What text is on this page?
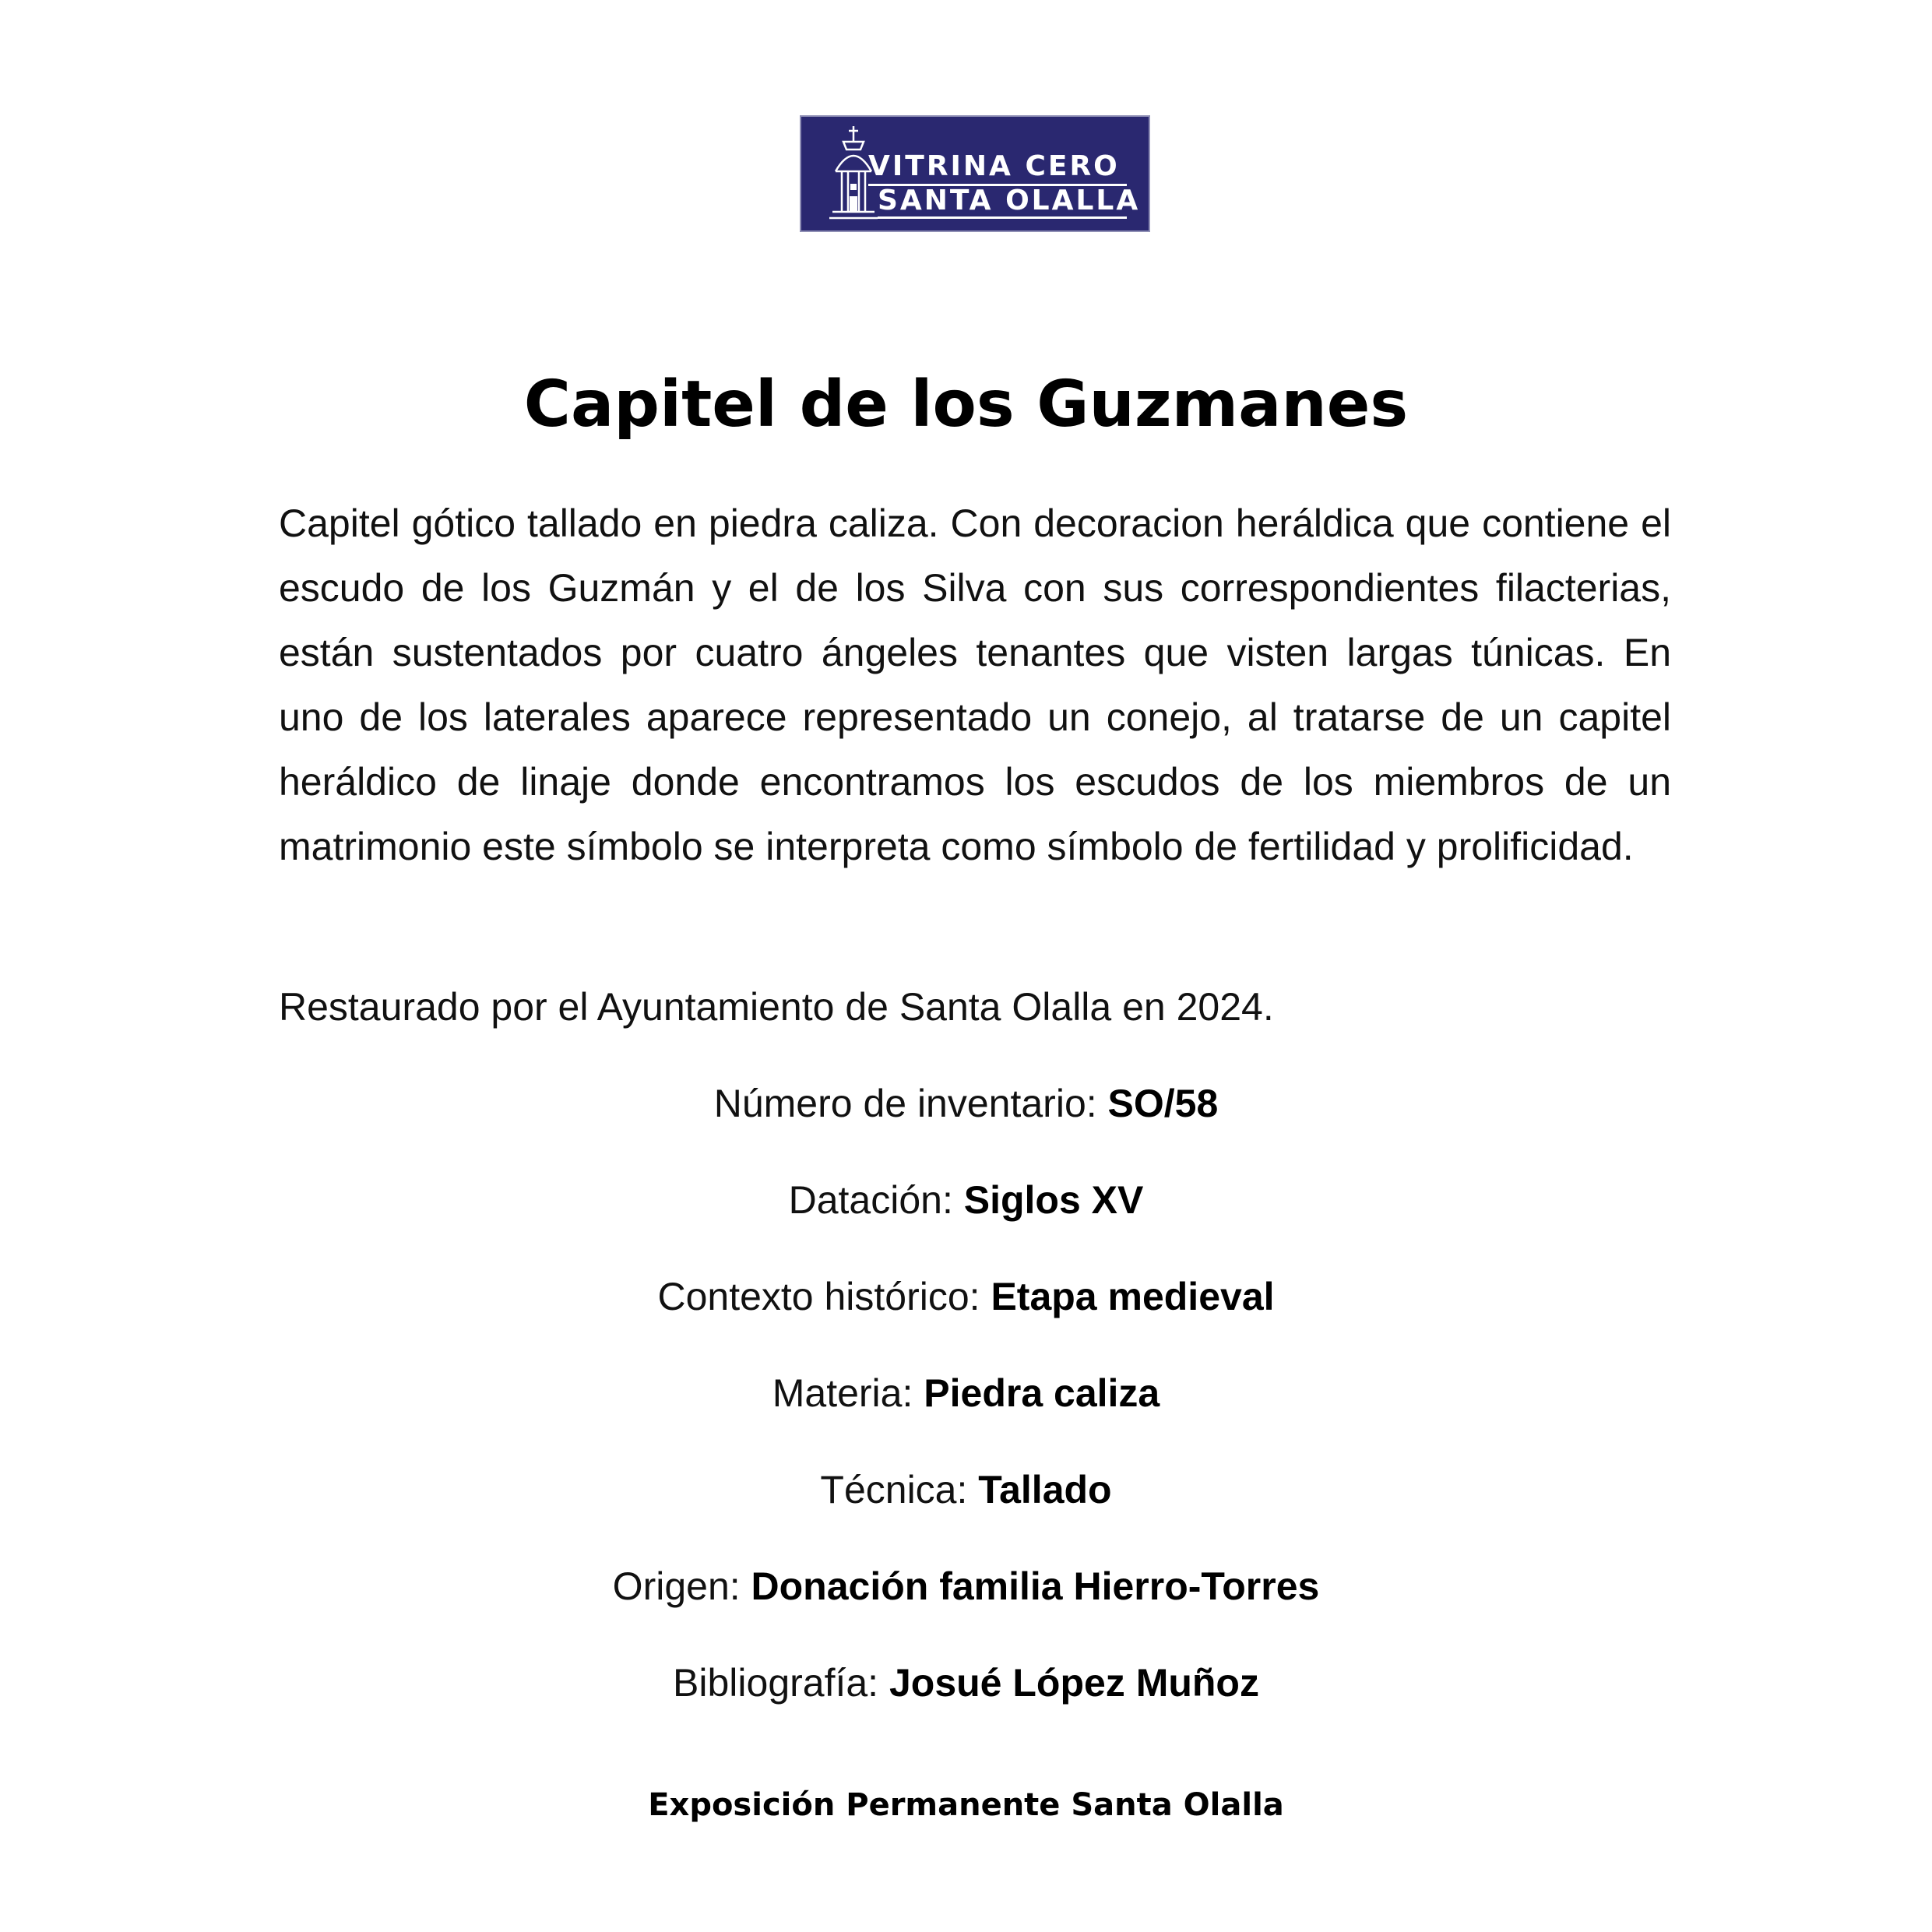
VITRINA CERO
SANTA OLALLA
Capitel de los Guzmanes

Capitel gótico tallado en piedra caliza. Con decoracion heráldica que contiene el escudo de los Guzmán y el de los Silva con sus correspondientes filacterias, están sustentados por cuatro ángeles tenantes que visten largas túnicas. En uno de los laterales aparece representado un conejo, al tratarse de un capitel heráldico de linaje donde encontramos los escudos de los miembros de un matrimonio este símbolo se interpreta como símbolo de fertilidad y prolificidad.

Restaurado por el Ayuntamiento de Santa Olalla en 2024.

Número de inventario: SO/58

Datación: Siglos XV

Contexto histórico: Etapa medieval

Materia: Piedra caliza

Técnica: Tallado

Origen: Donación familia Hierro-Torres

Bibliografía: Josué López Muñoz

Exposición Permanente Santa Olalla
